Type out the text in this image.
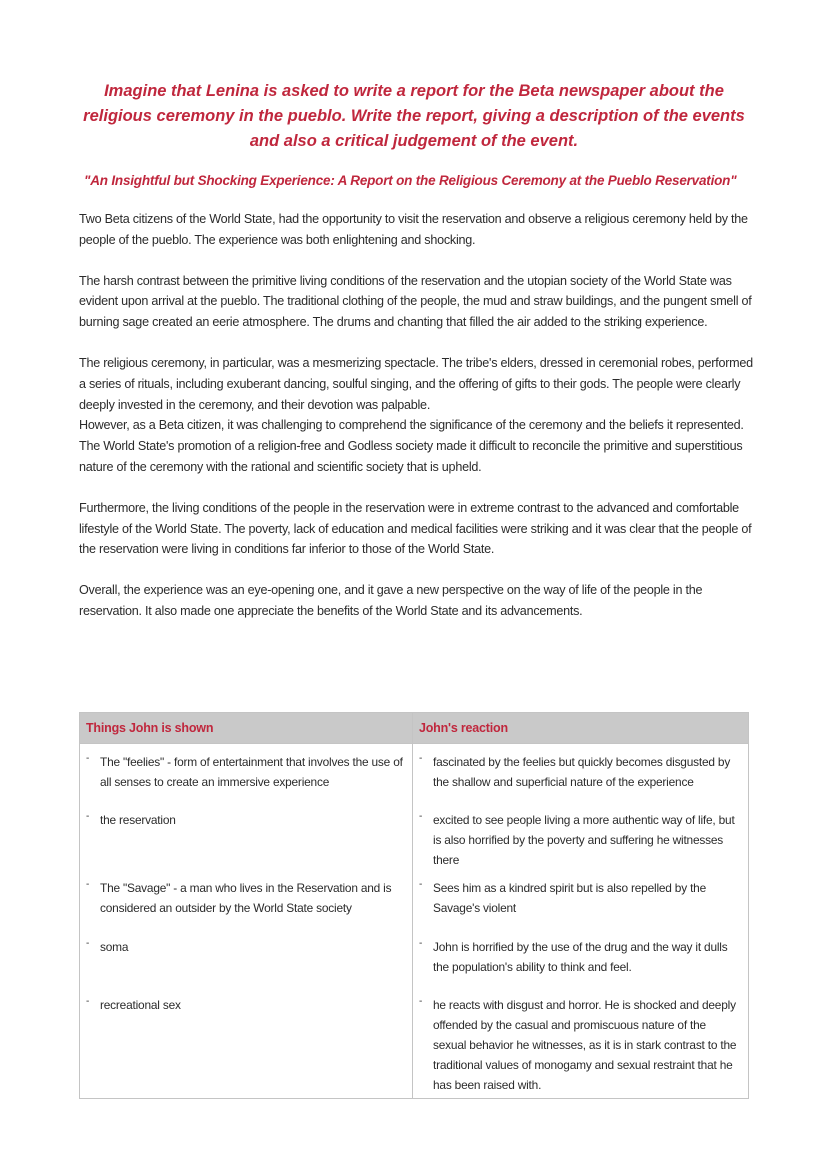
Imagine that Lenina is asked to write a report for the Beta newspaper about the religious ceremony in the pueblo. Write the report, giving a description of the events and also a critical judgement of the event.
"An Insightful but Shocking Experience: A Report on the Religious Ceremony at the Pueblo Reservation"

Two Beta citizens of the World State, had the opportunity to visit the reservation and observe a religious ceremony held by the people of the pueblo. The experience was both enlightening and shocking.

The harsh contrast between the primitive living conditions of the reservation and the utopian society of the World State was evident upon arrival at the pueblo. The traditional clothing of the people, the mud and straw buildings, and the pungent smell of burning sage created an eerie atmosphere. The drums and chanting that filled the air added to the striking experience.

The religious ceremony, in particular, was a mesmerizing spectacle. The tribe's elders, dressed in ceremonial robes, performed a series of rituals, including exuberant dancing, soulful singing, and the offering of gifts to their gods. The people were clearly deeply invested in the ceremony, and their devotion was palpable.

However, as a Beta citizen, it was challenging to comprehend the significance of the ceremony and the beliefs it represented. The World State's promotion of a religion-free and Godless society made it difficult to reconcile the primitive and superstitious nature of the ceremony with the rational and scientific society that is upheld.

Furthermore, the living conditions of the people in the reservation were in extreme contrast to the advanced and comfortable lifestyle of the World State. The poverty, lack of education and medical facilities were striking and it was clear that the people of the reservation were living in conditions far inferior to those of the World State.

Overall, the experience was an eye-opening one, and it gave a new perspective on the way of life of the people in the reservation. It also made one appreciate the benefits of the World State and its advancements.

Things John is shown	John's reaction

- The "feelies" - form of entertainment that involves the use of all senses to create an immersive experience	- fascinated by the feelies but quickly becomes disgusted by the shallow and superficial nature of the experience

- the reservation	- excited to see people living a more authentic way of life, but is also horrified by the poverty and suffering he witnesses there

- The "Savage" - a man who lives in the Reservation and is considered an outsider by the World State society	- Sees him as a kindred spirit but is also repelled by the Savage's violent

- soma	- John is horrified by the use of the drug and the way it dulls the population's ability to think and feel.

- recreational sex	- he reacts with disgust and horror. He is shocked and deeply offended by the casual and promiscuous nature of the sexual behavior he witnesses, as it is in stark contrast to the traditional values of monogamy and sexual restraint that he has been raised with.
